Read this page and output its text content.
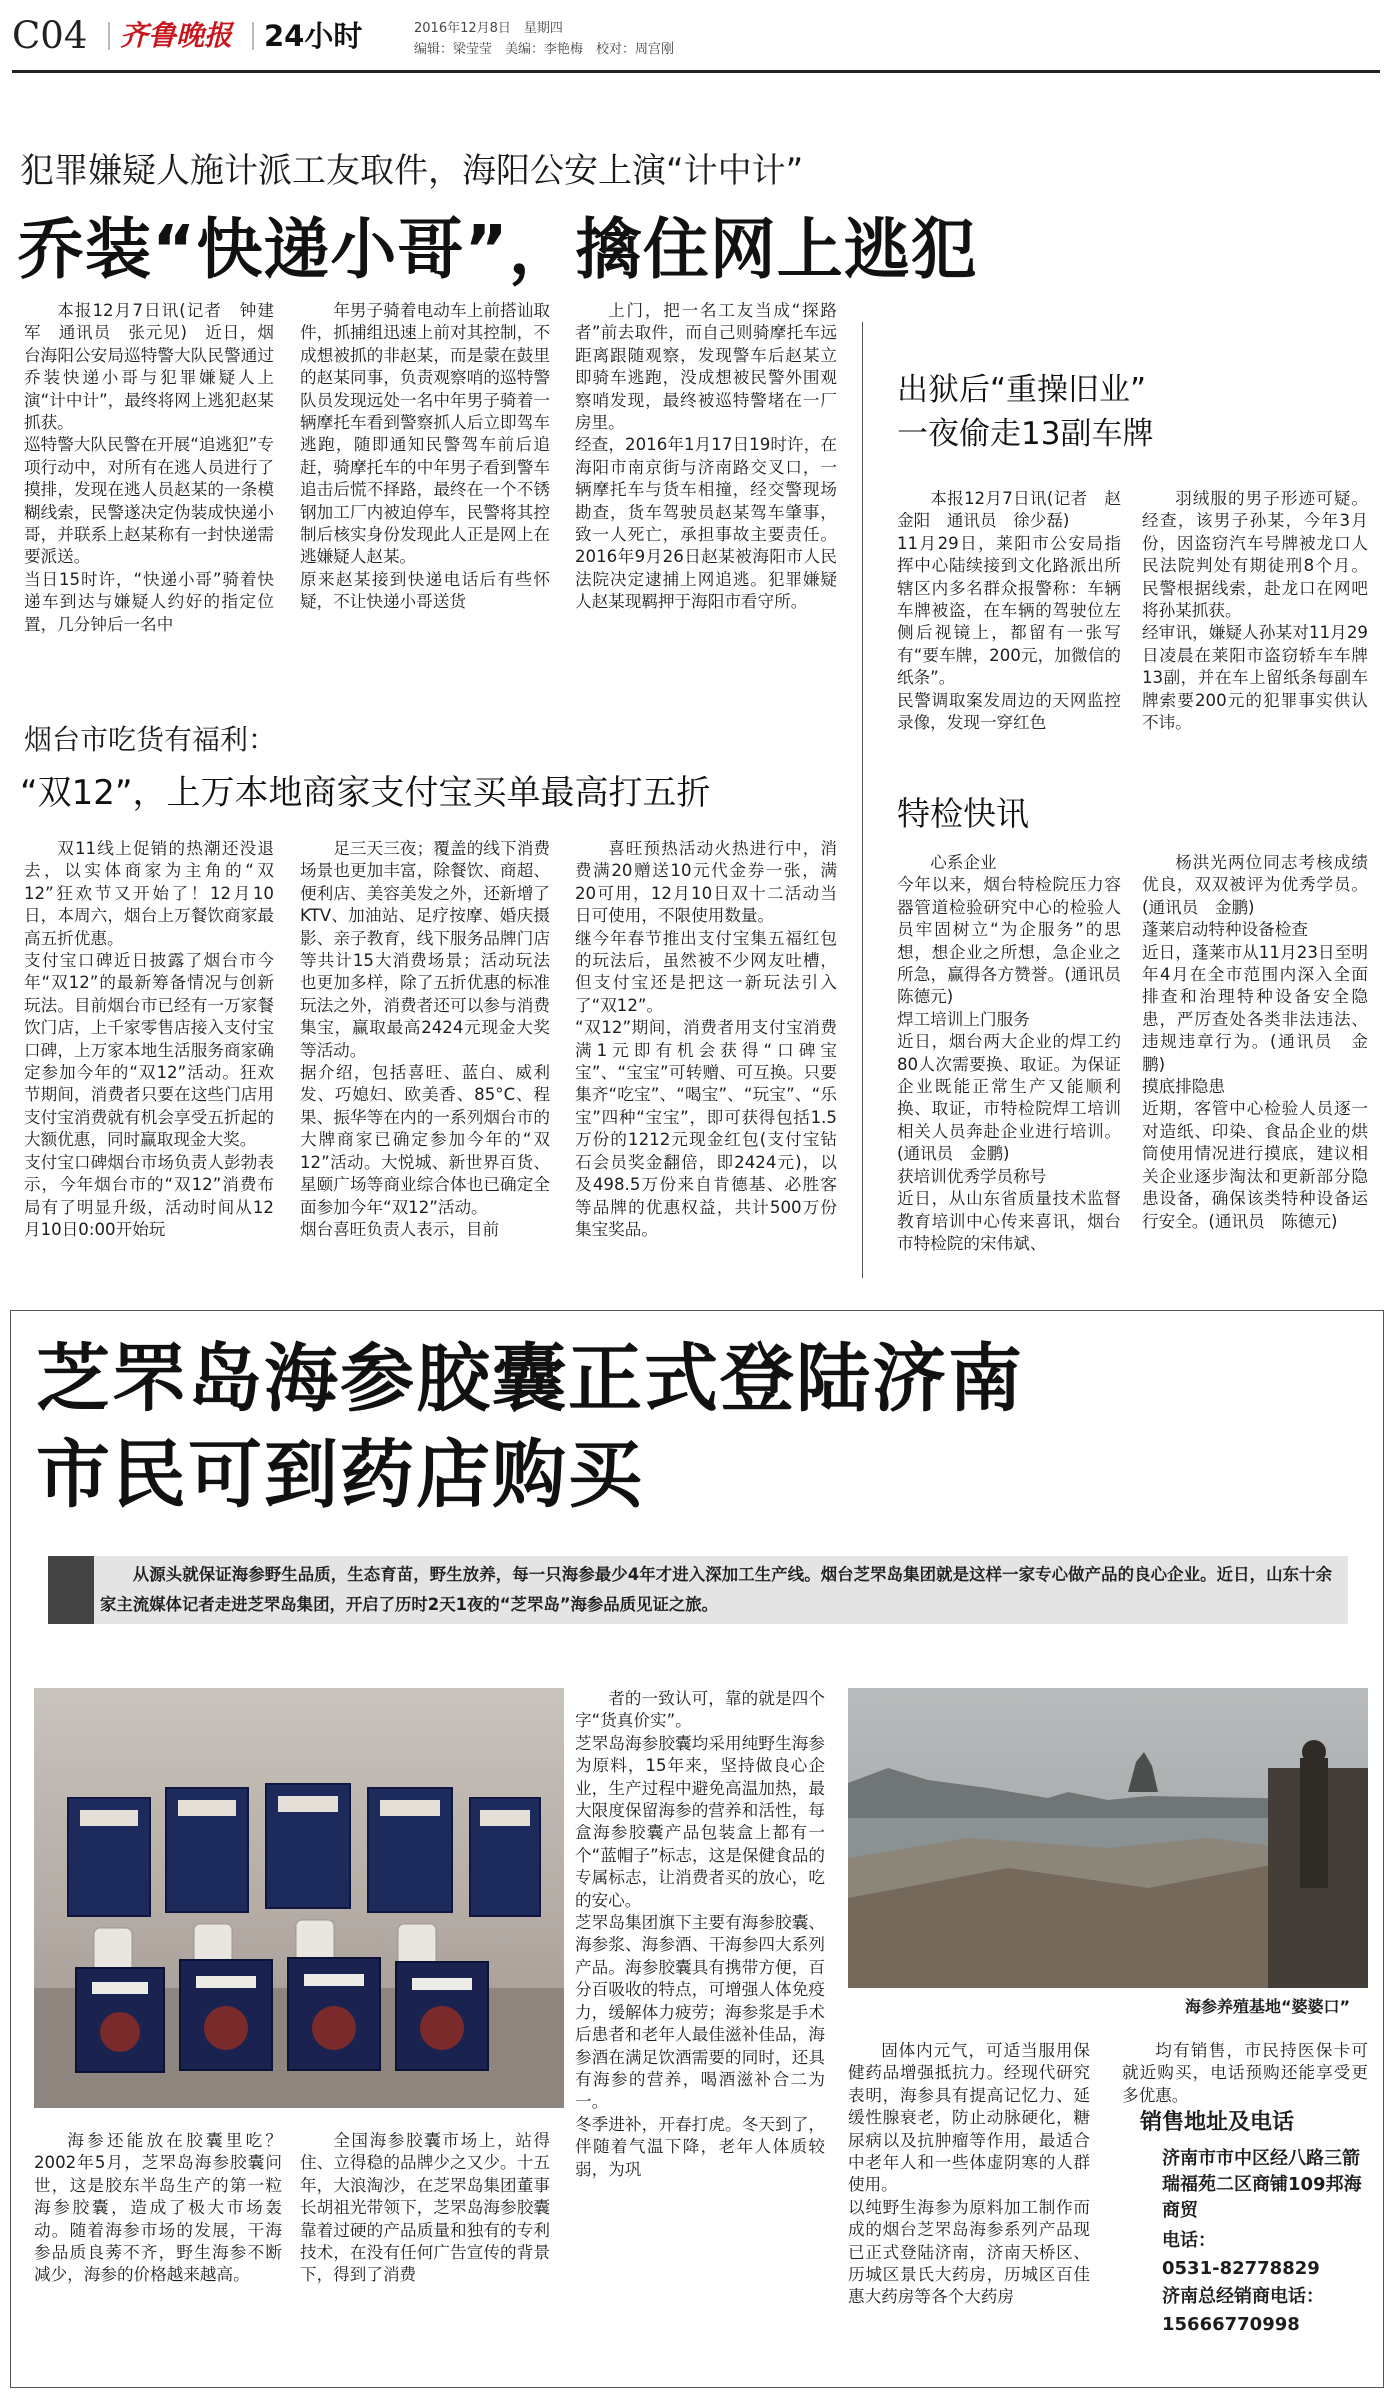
C04 齐鲁晚报 24小时	2016年12月8日　星期四
编辑：梁莹莹　美编：李艳梅　校对：周宫刚
犯罪嫌疑人施计派工友取件，海阳公安上演“计中计”
乔装“快递小哥”，擒住网上逃犯

本报12月7日讯(记者　钟建军　通讯员　张元见)　近日，烟台海阳公安局巡特警大队民警通过乔装快递小哥与犯罪嫌疑人上演“计中计”，最终将网上逃犯赵某抓获。
巡特警大队民警在开展“追逃犯”专项行动中，对所有在逃人员进行了摸排，发现在逃人员赵某的一条模糊线索，民警遂决定伪装成快递小哥，并联系上赵某称有一封快递需要派送。
当日15时许，“快递小哥”骑着快递车到达与嫌疑人约好的指定位置，几分钟后一名中

年男子骑着电动车上前搭讪取件，抓捕组迅速上前对其控制，不成想被抓的非赵某，而是蒙在鼓里的赵某同事，负责观察哨的巡特警队员发现远处一名中年男子骑着一辆摩托车看到警察抓人后立即驾车逃跑，随即通知民警驾车前后追赶，骑摩托车的中年男子看到警车追击后慌不择路，最终在一个不锈钢加工厂内被迫停车，民警将其控制后核实身份发现此人正是网上在逃嫌疑人赵某。
原来赵某接到快递电话后有些怀疑，不让快递小哥送货

上门，把一名工友当成“探路者”前去取件，而自己则骑摩托车远距离跟随观察，发现警车后赵某立即骑车逃跑，没成想被民警外围观察哨发现，最终被巡特警堵在一厂房里。
经查，2016年1月17日19时许，在海阳市南京街与济南路交叉口，一辆摩托车与货车相撞，经交警现场勘查，货车驾驶员赵某驾车肇事，致一人死亡，承担事故主要责任。2016年9月26日赵某被海阳市人民法院决定逮捕上网追逃。犯罪嫌疑人赵某现羁押于海阳市看守所。

烟台市吃货有福利：
“双12”，上万本地商家支付宝买单最高打五折

双11线上促销的热潮还没退去，以实体商家为主角的“双12”狂欢节又开始了！12月10日，本周六，烟台上万餐饮商家最高五折优惠。
支付宝口碑近日披露了烟台市今年“双12”的最新筹备情况与创新玩法。目前烟台市已经有一万家餐饮门店，上千家零售店接入支付宝口碑，上万家本地生活服务商家确定参加今年的“双12”活动。狂欢节期间，消费者只要在这些门店用支付宝消费就有机会享受五折起的大额优惠，同时赢取现金大奖。
支付宝口碑烟台市场负责人彭勃表示，今年烟台市的“双12”消费布局有了明显升级，活动时间从12月10日0:00开始玩

足三天三夜；覆盖的线下消费场景也更加丰富，除餐饮、商超、便利店、美容美发之外，还新增了KTV、加油站、足疗按摩、婚庆摄影、亲子教育，线下服务品牌门店等共计15大消费场景；活动玩法也更加多样，除了五折优惠的标准玩法之外，消费者还可以参与消费集宝，赢取最高2424元现金大奖等活动。
据介绍，包括喜旺、蓝白、威利发、巧媳妇、欧美香、85°C、程果、振华等在内的一系列烟台市的大牌商家已确定参加今年的“双12”活动。大悦城、新世界百货、星颐广场等商业综合体也已确定全面参加今年“双12”活动。
烟台喜旺负责人表示，目前

喜旺预热活动火热进行中，消费满20赠送10元代金券一张，满20可用，12月10日双十二活动当日可使用，不限使用数量。
继今年春节推出支付宝集五福红包的玩法后，虽然被不少网友吐槽，但支付宝还是把这一新玩法引入了“双12”。
“双12”期间，消费者用支付宝消费满1元即有机会获得“口碑宝宝”、“宝宝”可转赠、可互换。只要集齐“吃宝”、“喝宝”、“玩宝”、“乐宝”四种“宝宝”，即可获得包括1.5万份的1212元现金红包(支付宝钻石会员奖金翻倍，即2424元)，以及498.5万份来自肯德基、必胜客等品牌的优惠权益，共计500万份集宝奖品。

出狱后“重操旧业”
一夜偷走13副车牌

本报12月7日讯(记者　赵金阳　通讯员　徐少磊)
11月29日，莱阳市公安局指挥中心陆续接到文化路派出所辖区内多名群众报警称：车辆车牌被盗，在车辆的驾驶位左侧后视镜上，都留有一张写有“要车牌，200元，加微信的纸条”。
民警调取案发周边的天网监控录像，发现一穿红色

羽绒服的男子形迹可疑。经查，该男子孙某，今年3月份，因盗窃汽车号牌被龙口人民法院判处有期徒刑8个月。民警根据线索，赴龙口在网吧将孙某抓获。
经审讯，嫌疑人孙某对11月29日凌晨在莱阳市盗窃轿车车牌13副，并在车上留纸条每副车牌索要200元的犯罪事实供认不讳。

特检快讯

心系企业
今年以来，烟台特检院压力容器管道检验研究中心的检验人员牢固树立“为企服务”的思想，想企业之所想，急企业之所急，赢得各方赞誉。(通讯员　陈德元)
焊工培训上门服务
近日，烟台两大企业的焊工约80人次需要换、取证。为保证企业既能正常生产又能顺利换、取证，市特检院焊工培训相关人员奔赴企业进行培训。(通讯员　金鹏)
获培训优秀学员称号
近日，从山东省质量技术监督教育培训中心传来喜讯，烟台市特检院的宋伟斌、

杨洪光两位同志考核成绩优良，双双被评为优秀学员。(通讯员　金鹏)
蓬莱启动特种设备检查
近日，蓬莱市从11月23日至明年4月在全市范围内深入全面排查和治理特种设备安全隐患，严厉查处各类非法违法、违规违章行为。(通讯员　金鹏)
摸底排隐患
近期，客管中心检验人员逐一对造纸、印染、食品企业的烘筒使用情况进行摸底，建议相关企业逐步淘汰和更新部分隐患设备，确保该类特种设备运行安全。(通讯员　陈德元)

芝罘岛海参胶囊正式登陆济南
市民可到药店购买

从源头就保证海参野生品质，生态育苗，野生放养，每一只海参最少4年才进入深加工生产线。烟台芝罘岛集团就是这样一家专心做产品的良心企业。近日，山东十余家主流媒体记者走进芝罘岛集团，开启了历时2天1夜的“芝罘岛”海参品质见证之旅。

海参养殖基地“婆婆口”

海参还能放在胶囊里吃？2002年5月，芝罘岛海参胶囊问世，这是胶东半岛生产的第一粒海参胶囊，造成了极大市场轰动。随着海参市场的发展，干海参品质良莠不齐，野生海参不断减少，海参的价格越来越高。

全国海参胶囊市场上，站得住、立得稳的品牌少之又少。十五年，大浪淘沙，在芝罘岛集团董事长胡祖光带领下，芝罘岛海参胶囊靠着过硬的产品质量和独有的专利技术，在没有任何广告宣传的背景下，得到了消费

者的一致认可，靠的就是四个字“货真价实”。
芝罘岛海参胶囊均采用纯野生海参为原料，15年来，坚持做良心企业，生产过程中避免高温加热，最大限度保留海参的营养和活性，每盒海参胶囊产品包装盒上都有一个“蓝帽子”标志，这是保健食品的专属标志，让消费者买的放心，吃的安心。
芝罘岛集团旗下主要有海参胶囊、海参浆、海参酒、干海参四大系列产品。海参胶囊具有携带方便，百分百吸收的特点，可增强人体免疫力，缓解体力疲劳；海参浆是手术后患者和老年人最佳滋补佳品，海参酒在满足饮酒需要的同时，还具有海参的营养，喝酒滋补合二为一。
冬季进补，开春打虎。冬天到了，伴随着气温下降，老年人体质较弱，为巩

固体内元气，可适当服用保健药品增强抵抗力。经现代研究表明，海参具有提高记忆力、延缓性腺衰老，防止动脉硬化，糖尿病以及抗肿瘤等作用，最适合中老年人和一些体虚阴寒的人群使用。
以纯野生海参为原料加工制作而成的烟台芝罘岛海参系列产品现已正式登陆济南，济南天桥区、历城区景氏大药房，历城区百佳惠大药房等各个大药房

均有销售，市民持医保卡可就近购买，电话预购还能享受更多优惠。

销售地址及电话
济南市市中区经八路三箭瑞福苑二区商铺109邦海商贸
电话：
0531-82778829
济南总经销商电话：
15666770998
